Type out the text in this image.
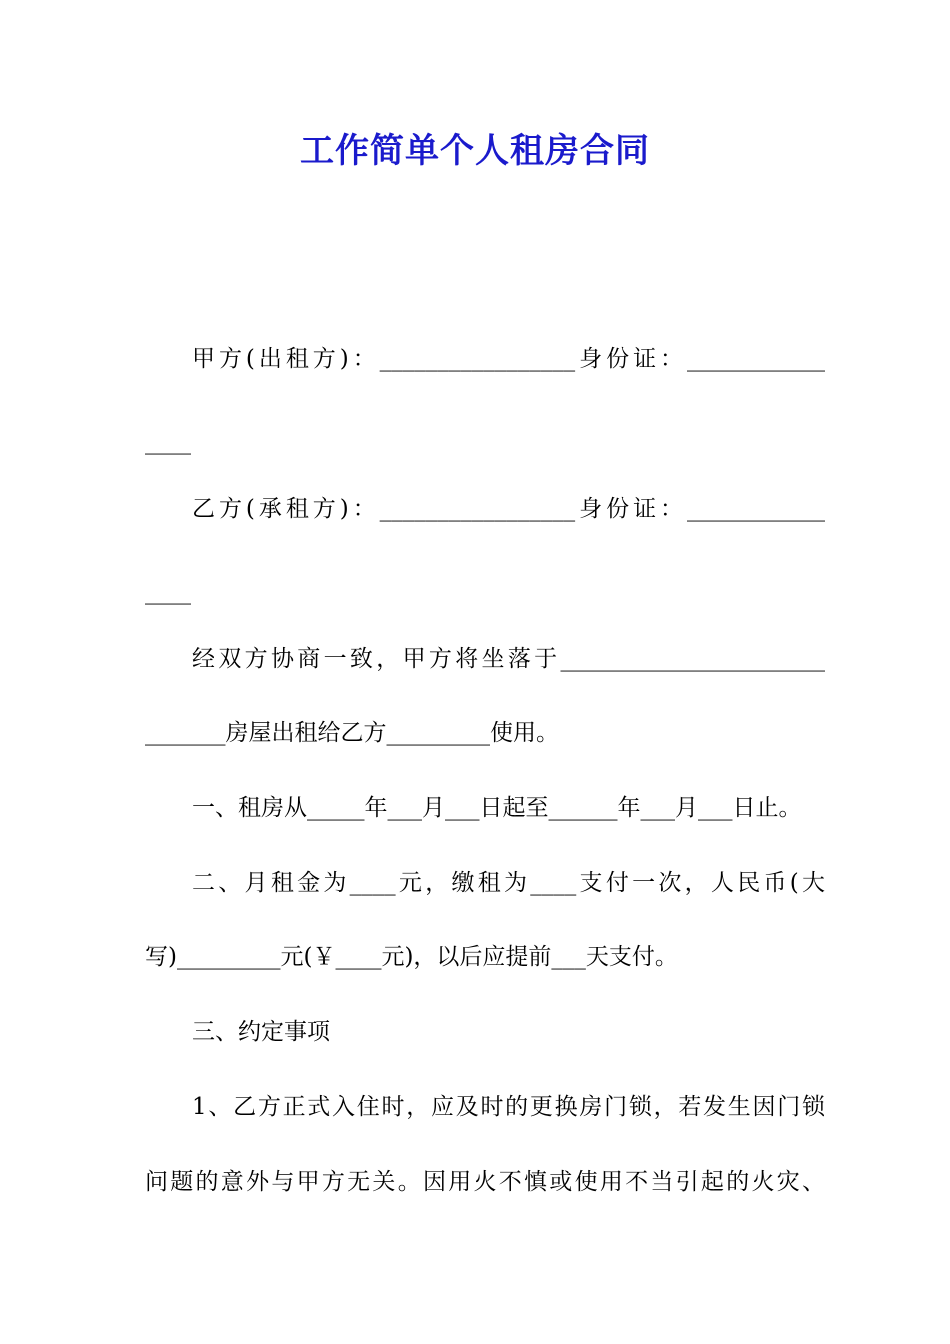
工作简单个人租房合同
甲方(出租方)：_________________身份证：____________
____
乙方(承租方)：_________________身份证：____________
____
经双方协商一致，甲方将坐落于_______________________
_______房屋出租给乙方_________使用。
一、租房从_____年___月___日起至______年___月___日止。
二、月租金为____元，缴租为____支付一次，人民币(大
写)_________元(￥____元)，以后应提前___天支付。
三、约定事项
1、乙方正式入住时，应及时的更换房门锁，若发生因门锁
问题的意外与甲方无关。因用火不慎或使用不当引起的火灾、
